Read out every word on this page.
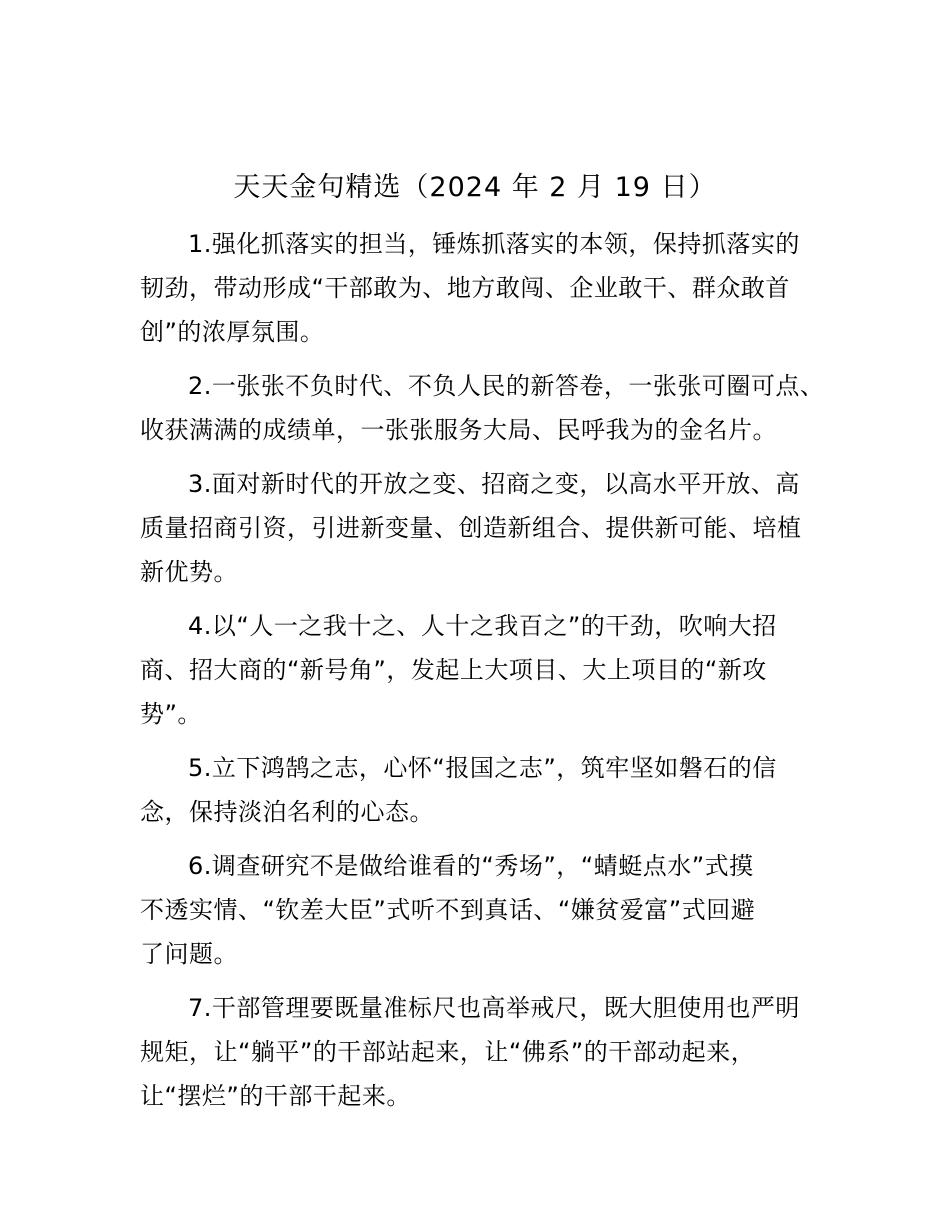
天天金句精选（2024 年 2 月 19 日）

1.强化抓落实的担当，锤炼抓落实的本领，保持抓落实的
韧劲，带动形成“干部敢为、地方敢闯、企业敢干、群众敢首
创”的浓厚氛围。

2.一张张不负时代、不负人民的新答卷，一张张可圈可点、
收获满满的成绩单，一张张服务大局、民呼我为的金名片。

3.面对新时代的开放之变、招商之变，以高水平开放、高
质量招商引资，引进新变量、创造新组合、提供新可能、培植
新优势。

4.以“人一之我十之、人十之我百之”的干劲，吹响大招
商、招大商的“新号角”，发起上大项目、大上项目的“新攻
势”。

5.立下鸿鹄之志，心怀“报国之志”，筑牢坚如磐石的信
念，保持淡泊名利的心态。

6.调查研究不是做给谁看的“秀场”，“蜻蜓点水”式摸
不透实情、“钦差大臣”式听不到真话、“嫌贫爱富”式回避
了问题。

7.干部管理要既量准标尺也高举戒尺，既大胆使用也严明
规矩，让“躺平”的干部站起来，让“佛系”的干部动起来，
让“摆烂”的干部干起来。
